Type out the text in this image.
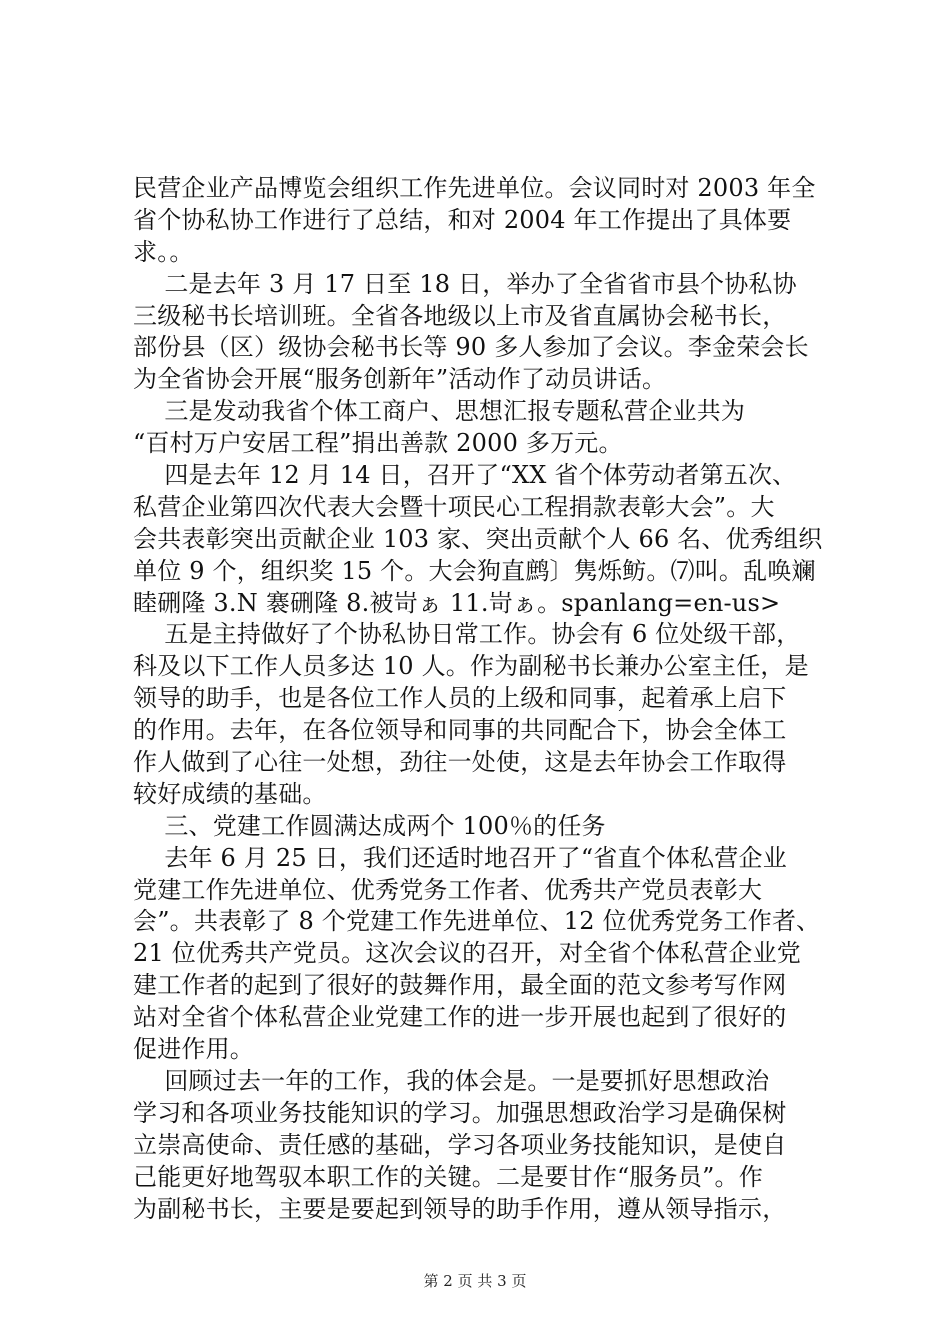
民营企业产品博览会组织工作先进单位。会议同时对 2003 年全
省个协私协工作进行了总结，和对 2004 年工作提出了具体要
求。。
二是去年 3 月 17 日至 18 日，举办了全省省市县个协私协
三级秘书长培训班。全省各地级以上市及省直属协会秘书长，
部份县（区）级协会秘书长等 90 多人参加了会议。李金荣会长
为全省协会开展“服务创新年”活动作了动员讲话。
三是发动我省个体工商户、思想汇报专题私营企业共为
“百村万户安居工程”捐出善款 2000 多万元。
四是去年 12 月 14 日，召开了“XX 省个体劳动者第五次、
私营企业第四次代表大会暨十项民心工程捐款表彰大会”。大
会共表彰突出贡献企业 103 家、突出贡献个人 66 名、优秀组织
单位 9 个，组织奖 15 个。大会狗直鹧〕隽烁鲂。⑺叫。乱唤斓
睦硎隆 3.N 褰硎隆 8.被岢ぁ 11.岢ぁ。spanlang=en-us>
五是主持做好了个协私协日常工作。协会有 6 位处级干部，
科及以下工作人员多达 10 人。作为副秘书长兼办公室主任，是
领导的助手，也是各位工作人员的上级和同事，起着承上启下
的作用。去年，在各位领导和同事的共同配合下，协会全体工
作人做到了心往一处想，劲往一处使，这是去年协会工作取得
较好成绩的基础。
三、党建工作圆满达成两个 100％的任务
去年 6 月 25 日，我们还适时地召开了“省直个体私营企业
党建工作先进单位、优秀党务工作者、优秀共产党员表彰大
会”。共表彰了 8 个党建工作先进单位、12 位优秀党务工作者、
21 位优秀共产党员。这次会议的召开，对全省个体私营企业党
建工作者的起到了很好的鼓舞作用，最全面的范文参考写作网
站对全省个体私营企业党建工作的进一步开展也起到了很好的
促进作用。
回顾过去一年的工作，我的体会是。一是要抓好思想政治
学习和各项业务技能知识的学习。加强思想政治学习是确保树
立崇高使命、责任感的基础，学习各项业务技能知识，是使自
己能更好地驾驭本职工作的关键。二是要甘作“服务员”。作
为副秘书长，主要是要起到领导的助手作用，遵从领导指示，
第 2 页 共 3 页
